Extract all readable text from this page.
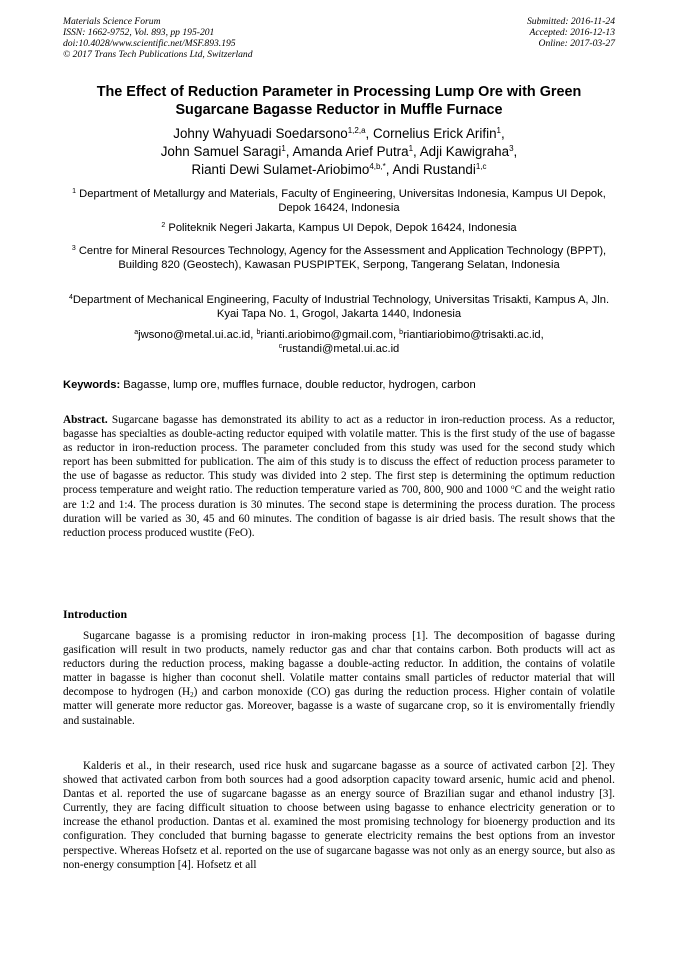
Materials Science Forum
ISSN: 1662-9752, Vol. 893, pp 195-201
doi:10.4028/www.scientific.net/MSF.893.195
© 2017 Trans Tech Publications Ltd, Switzerland
Submitted: 2016-11-24
Accepted: 2016-12-13
Online: 2017-03-27
The Effect of Reduction Parameter in Processing Lump Ore with Green Sugarcane Bagasse Reductor in Muffle Furnace
Johny Wahyuadi Soedarsono$^{1,2,a}$, Cornelius Erick Arifin$^1$,
John Samuel Saragi$^1$, Amanda Arief Putra$^1$, Adji Kawigraha$^3$,
Rianti Dewi Sulamet-Ariobimo$^{4,b,*}$, Andi Rustandi$^{1,c}$
$^1$ Department of Metallurgy and Materials, Faculty of Engineering, Universitas Indonesia, Kampus UI Depok, Depok 16424, Indonesia
$^2$ Politeknik Negeri Jakarta, Kampus UI Depok, Depok 16424, Indonesia
$^3$ Centre for Mineral Resources Technology, Agency for the Assessment and Application Technology (BPPT), Building 820 (Geostech), Kawasan PUSPIPTEK, Serpong, Tangerang Selatan, Indonesia
$^4$Department of Mechanical Engineering, Faculty of Industrial Technology, Universitas Trisakti, Kampus A, Jln. Kyai Tapa No. 1, Grogol, Jakarta 1440, Indonesia
$^a$jwsono@metal.ui.ac.id, $^b$rianti.ariobimo@gmail.com, $^b$riantiariobimo@trisakti.ac.id,
$^c$rustandi@metal.ui.ac.id
Keywords: Bagasse, lump ore, muffles furnace, double reductor, hydrogen, carbon
Abstract. Sugarcane bagasse has demonstrated its ability to act as a reductor in iron-reduction process. As a reductor, bagasse has specialties as double-acting reductor equiped with volatile matter. This is the first study of the use of bagasse as reductor in iron-reduction process. The parameter concluded from this study was used for the second study which report has been submitted for publication. The aim of this study is to discuss the effect of reduction process parameter to the use of bagasse as reductor. This study was divided into 2 step. The first step is determining the optimum reduction process temperature and weight ratio. The reduction temperature varied as 700, 800, 900 and 1000 $^o$C and the weight ratio are 1:2 and 1:4. The process duration is 30 minutes. The second stape is determining the process duration. The process duration will be varied as 30, 45 and 60 minutes. The condition of bagasse is air dried basis. The result shows that the reduction process produced wustite (FeO).
Introduction

Sugarcane bagasse is a promising reductor in iron-making process [1]. The decomposition of bagasse during gasification will result in two products, namely reductor gas and char that contains carbon. Both products will act as reductors during the reduction process, making bagasse a double-acting reductor. In addition, the contains of volatile matter in bagasse is higher than coconut shell. Volatile matter contains small particles of reductor material that will decompose to hydrogen $(H_2)$ and carbon monoxide (CO) gas during the reduction process. Higher contain of volatile matter will generate more reductor gas. Moreover, bagasse is a waste of sugarcane crop, so it is enviromentally friendly and sustainable.

Kalderis et al., in their research, used rice husk and sugarcane bagasse as a source of activated carbon [2]. They showed that activated carbon from both sources had a good adsorption capacity toward arsenic, humic acid and phenol. Dantas et al. reported the use of sugarcane bagasse as an energy source of Brazilian sugar and ethanol industry [3]. Currently, they are facing difficult situation to choose between using bagasse to enhance electricity generation or to increase the ethanol production. Dantas et al. examined the most promising technology for bioenergy production and its configuration. They concluded that burning bagasse to generate electricity remains the best options from an investor perspective. Whereas Hofsetz et al. reported on the use of sugarcane bagasse was not only as an energy source, but also as non-energy consumption [4]. Hofsetz et all
